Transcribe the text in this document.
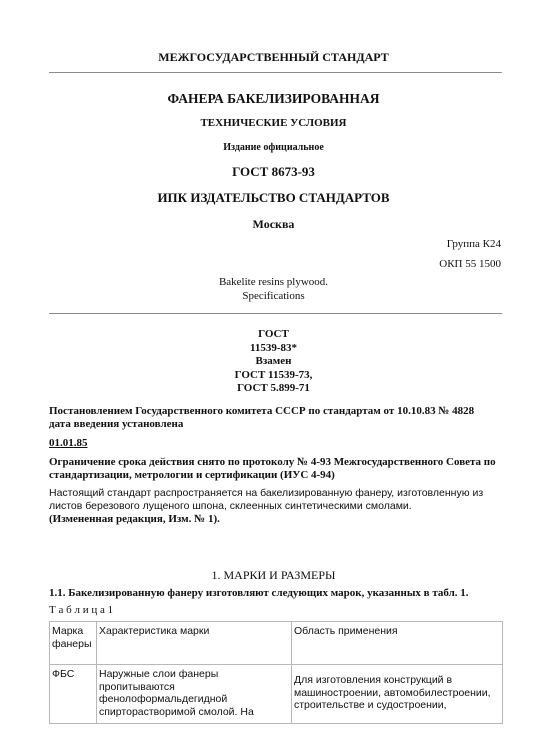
МЕЖГОСУДАРСТВЕННЫЙ СТАНДАРТ
ФАНЕРА БАКЕЛИЗИРОВАННАЯ
ТЕХНИЧЕСКИЕ УСЛОВИЯ
Издание официальное
ГОСТ 8673-93
ИПК ИЗДАТЕЛЬСТВО СТАНДАРТОВ
Москва
Группа К24
ОКП 55 1500
Bakelite resins plywood.
Specifications
ГОСТ
11539-83*
Взамен
ГОСТ 11539-73,
ГОСТ 5.899-71
Постановлением Государственного комитета СССР по стандартам от 10.10.83 № 4828 дата введения установлена
01.01.85
Ограничение срока действия снято по протоколу № 4-93 Межгосударственного Совета по стандартизации, метрологии и сертификации (ИУС 4-94)
Настоящий стандарт распространяется на бакелизированную фанеру, изготовленную из листов березового лущеного шпона, склеенных синтетическими смолами.
(Измененная редакция, Изм. № 1).
1. МАРКИ И РАЗМЕРЫ
1.1. Бакелизированную фанеру изготовляют следующих марок, указанных в табл. 1.
Т а б л и ц а 1
Марка фанеры	Характеристика марки	Область применения
ФБС	Наружные слои фанеры пропитываются фенолоформальдегидной спирторастворимой смолой. На	Для изготовления конструкций в машиностроении, автомобилестроении, строительстве и судостроении,
